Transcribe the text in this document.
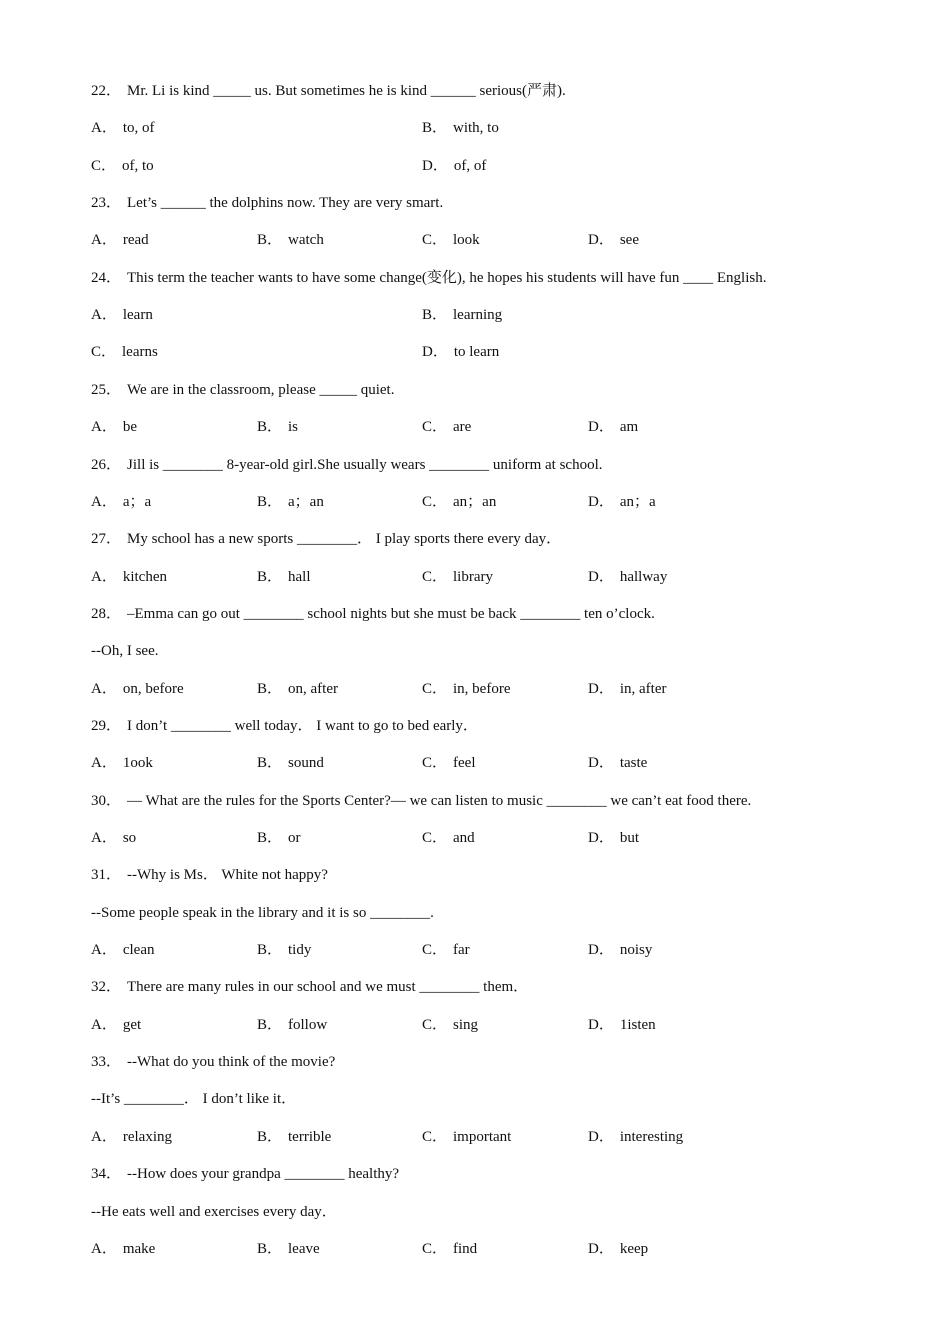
22． Mr. Li is kind _____ us. But sometimes he is kind ______ serious(严肃).
A． to, of	B． with, to
C． of, to	D． of, of
23． Let’s ______ the dolphins now. They are very smart.
A． read	B． watch	C． look	D． see
24． This term the teacher wants to have some change(变化), he hopes his students will have fun ____ English.
A． learn	B． learning
C． learns	D． to learn
25． We are in the classroom, please _____ quiet.
A． be	B． is	C． are	D． am
26． Jill is ________ 8-year-old girl.She usually wears ________ uniform at school.
A． a；a	B． a；an	C． an；an	D． an；a
27． My school has a new sports ________． I play sports there every day．
A． kitchen	B． hall	C． library	D． hallway
28． –Emma can go out ________ school nights but she must be back ________ ten o’clock.
--Oh, I see.
A． on, before	B． on, after	C． in, before	D． in, after
29． I don’t ________ well today． I want to go to bed early．
A． 1ook	B． sound	C． feel	D． taste
30． — What are the rules for the Sports Center?— we can listen to music ________ we can’t eat food there.
A． so	B． or	C． and	D． but
31． --Why is Ms． White not happy?
--Some people speak in the library and it is so ________.
A． clean	B． tidy	C． far	D． noisy
32． There are many rules in our school and we must ________ them．
A． get	B． follow	C． sing	D． 1isten
33． --What do you think of the movie?
--It’s ________． I don’t like it．
A． relaxing	B． terrible	C． important	D． interesting
34． --How does your grandpa ________ healthy?
--He eats well and exercises every day．
A． make	B． leave	C． find	D． keep
